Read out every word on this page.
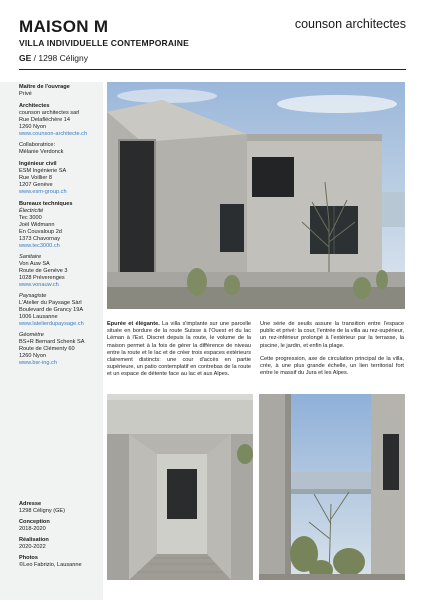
MAISON M
VILLA INDIVIDUELLE CONTEMPORAINE
GE / 1298 Céligny
counson architectes
Maître de l'ouvrage
Privé
Architectes
counson architectes sarl
Rue Delafléchère 14
1260 Nyon
www.counson-architecte.ch
Collaboratrice:
Mélanie Verdonck
Ingénieur civil
ESM Ingénierie SA
Rue Voillier 8
1207 Genève
www.esm-group.ch
Bureaux techniques
Électricité
Tec 3000
Joël Widmann
En Couvaloup 2d
1373 Chavornay
www.tec3000.ch
Sanitaire
Von Auw SA
Route de Genève 3
1028 Préverenges
www.vonauw.ch
Paysagiste
L'Atelier du Paysage Sàrl
Boulevard de Grancy 19A
1006 Lausanne
www.latelierdupaysage.ch
Géomètre
BS+R Bernard Schenk SA
Route de Clémenty 60
1260 Nyon
www.bsr-ing.ch
Adresse
1298 Céligny (GE)
Conception
2018-2020
Réalisation
2020-2022
Photos
©Leo Fabrizio, Lausanne

Epurée et élégante. La villa s'implante sur une parcelle située en bordure de la route Suisse à l'Ouest et du lac Léman à l'Est. Discret depuis la route, le volume de la maison permet à la fois de gérer la différence de niveau entre la route et le lac et de créer trois espaces extérieurs clairement distincts: une cour d'accès en partie supérieure, un patio contemplatif en contrebas de la route et un espace de détente face au lac et aux Alpes.

Une série de seuils assure la transition entre l'espace public et privé: la cour, l'entrée de la villa au rez-supérieur, un rez-inférieur prolongé à l'extérieur par la terrasse, la piscine, le jardin, et enfin la plage.

Cette progression, axe de circulation principal de la villa, crée, à une plus grande échelle, un lien territorial fort entre le massif du Jura et les Alpes.
